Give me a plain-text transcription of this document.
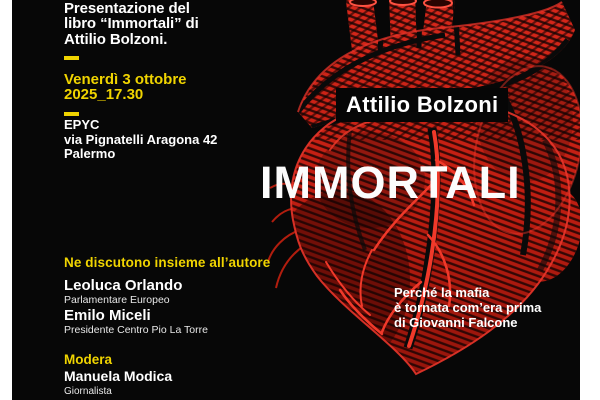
Presentazione del
libro “Immortali” di
Attilio Bolzoni.
Venerdì 3 ottobre
2025_17.30
EPYC
via Pignatelli Aragona 42
Palermo
Ne discutono insieme all’autore
Leoluca Orlando
Parlamentare Europeo
Emilo Miceli
Presidente Centro Pio La Torre
Modera
Manuela Modica
Giornalista
Attilio Bolzoni
IMMORTALI
Perché la mafia
è tornata com’era prima
di Giovanni Falcone
